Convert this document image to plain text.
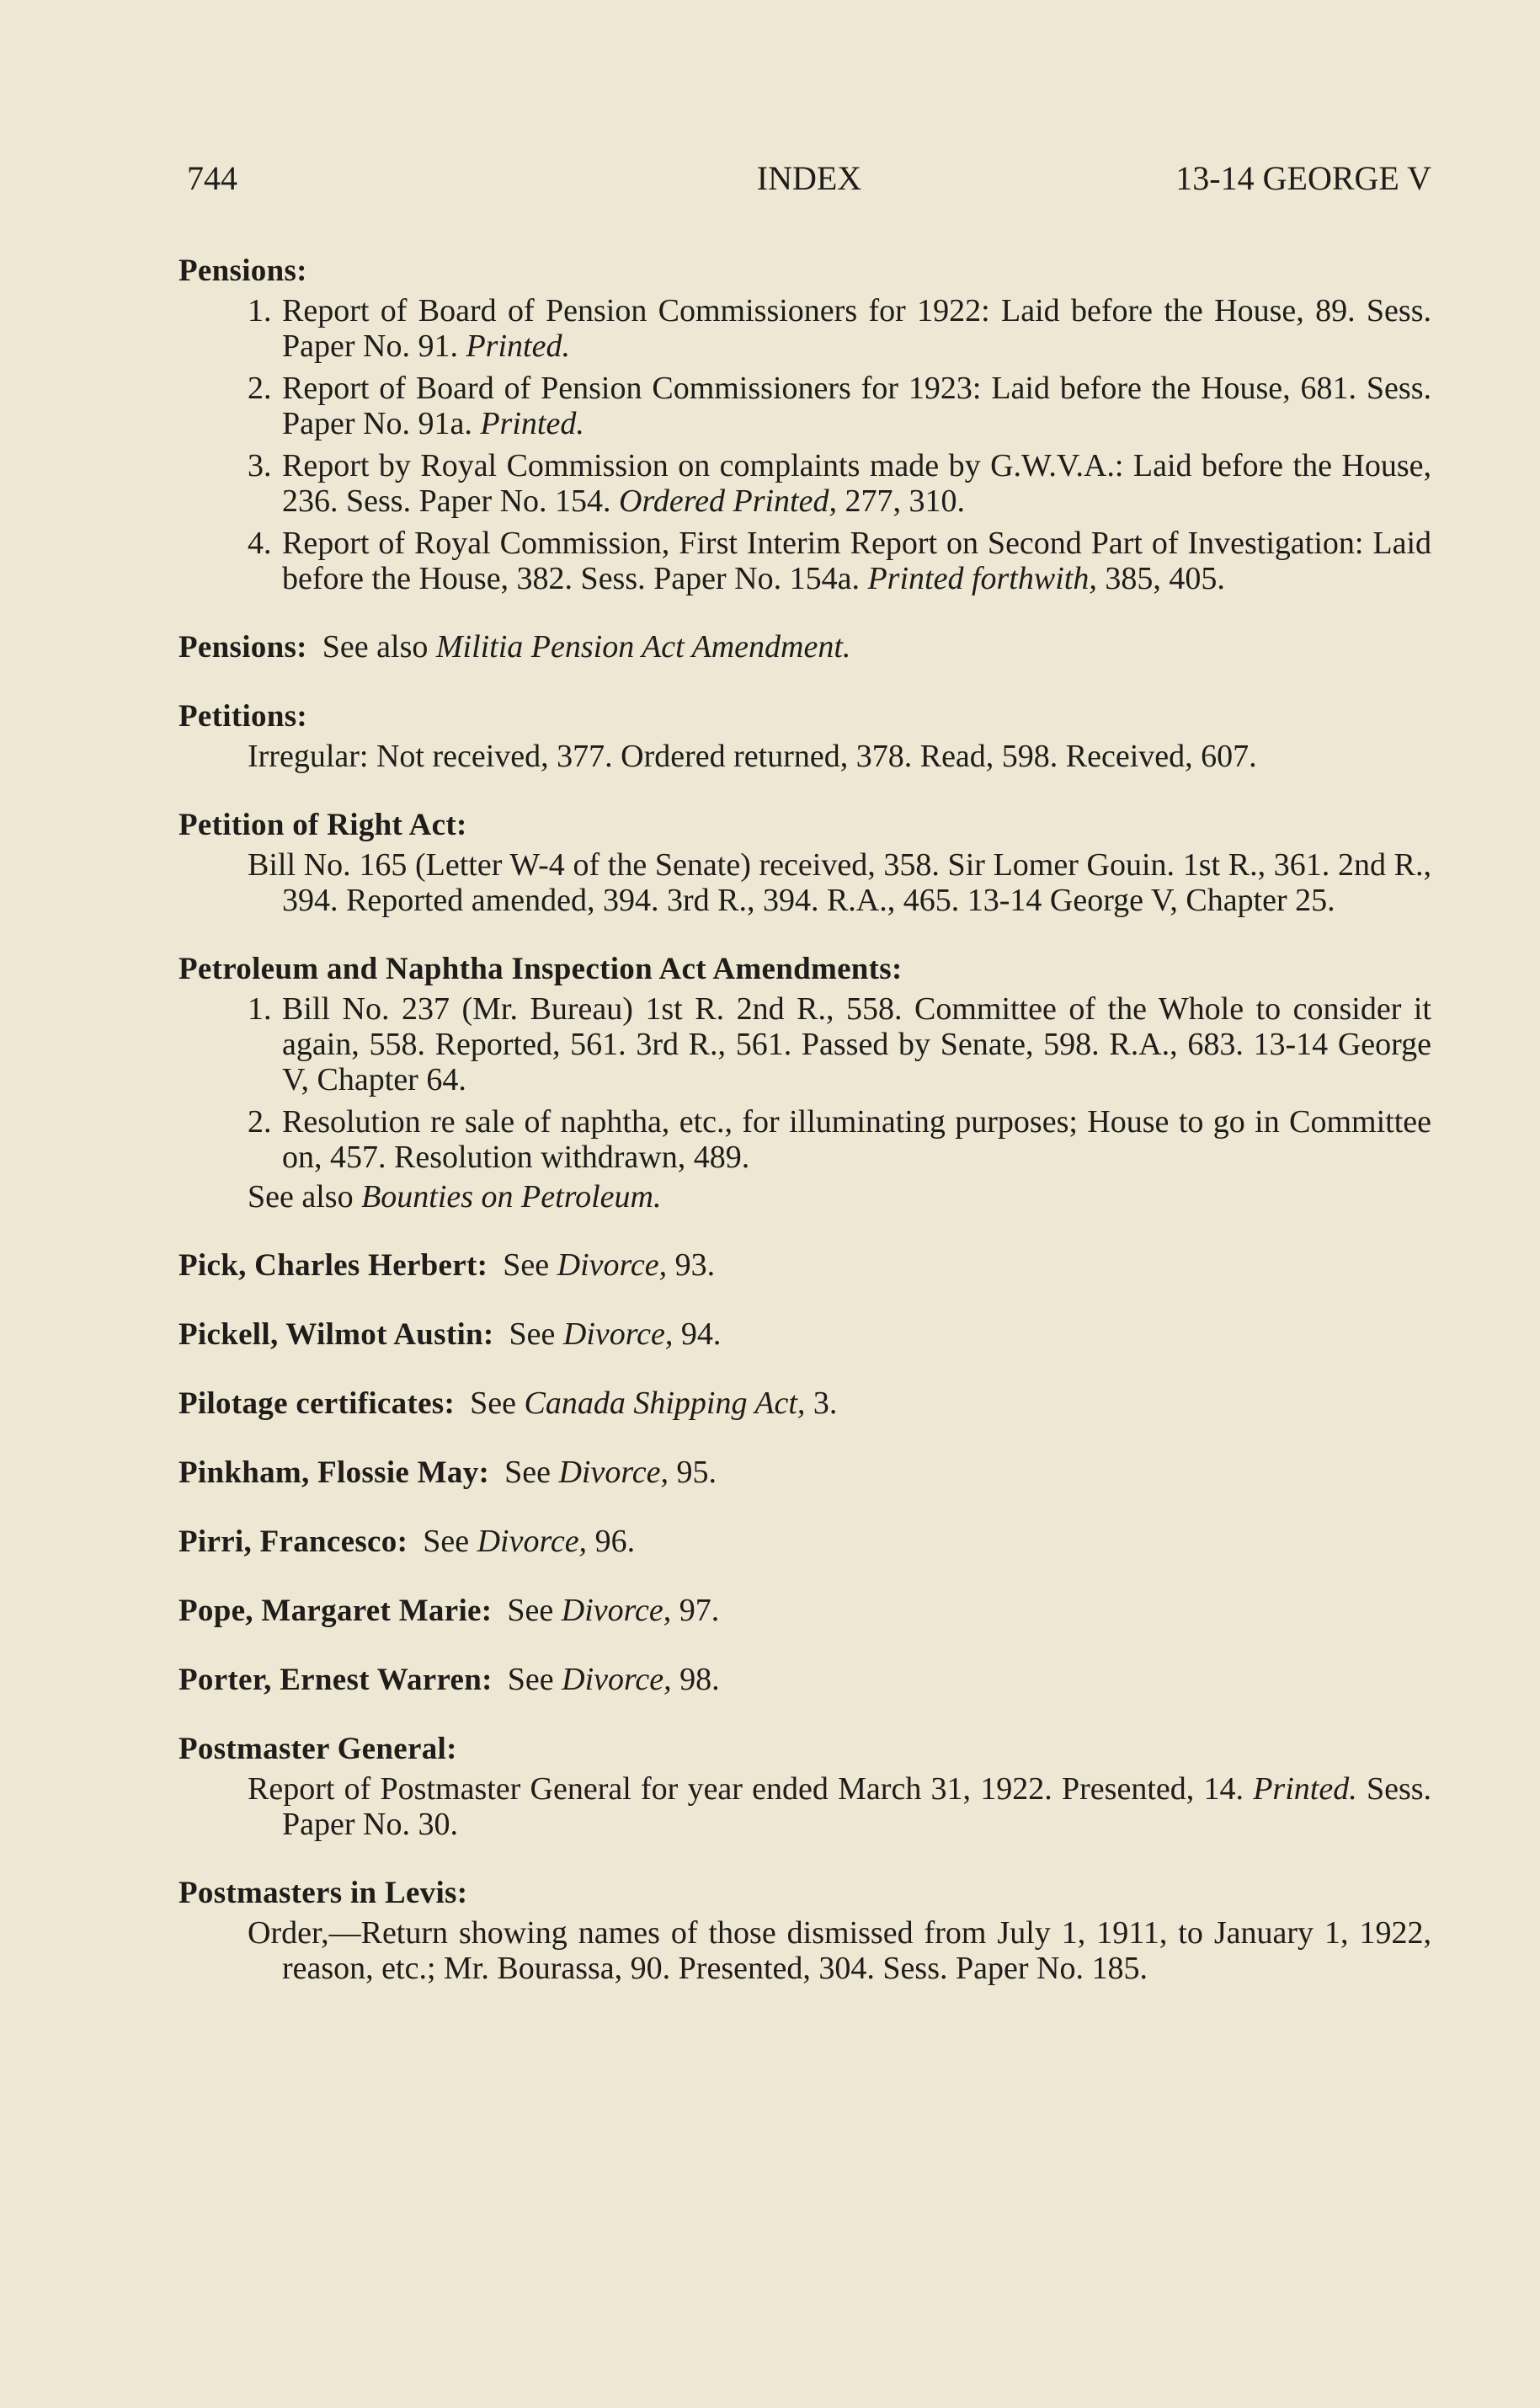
744	INDEX	13-14 GEORGE V
Pensions:
1. Report of Board of Pension Commissioners for 1922: Laid before the House, 89. Sess. Paper No. 91. Printed.
2. Report of Board of Pension Commissioners for 1923: Laid before the House, 681. Sess. Paper No. 91a. Printed.
3. Report by Royal Commission on complaints made by G.W.V.A.: Laid before the House, 236. Sess. Paper No. 154. Ordered Printed, 277, 310.
4. Report of Royal Commission, First Interim Report on Second Part of Investigation: Laid before the House, 382. Sess. Paper No. 154a. Printed forthwith, 385, 405.
Pensions: See also Militia Pension Act Amendment.
Petitions:
Irregular: Not received, 377. Ordered returned, 378. Read, 598. Received, 607.
Petition of Right Act:
Bill No. 165 (Letter W-4 of the Senate) received, 358. Sir Lomer Gouin. 1st R., 361. 2nd R., 394. Reported amended, 394. 3rd R., 394. R.A., 465. 13-14 George V, Chapter 25.
Petroleum and Naphtha Inspection Act Amendments:
1. Bill No. 237 (Mr. Bureau) 1st R. 2nd R., 558. Committee of the Whole to consider it again, 558. Reported, 561. 3rd R., 561. Passed by Senate, 598. R.A., 683. 13-14 George V, Chapter 64.
2. Resolution re sale of naphtha, etc., for illuminating purposes; House to go in Committee on, 457. Resolution withdrawn, 489.
See also Bounties on Petroleum.
Pick, Charles Herbert: See Divorce, 93.
Pickell, Wilmot Austin: See Divorce, 94.
Pilotage certificates: See Canada Shipping Act, 3.
Pinkham, Flossie May: See Divorce, 95.
Pirri, Francesco: See Divorce, 96.
Pope, Margaret Marie: See Divorce, 97.
Porter, Ernest Warren: See Divorce, 98.
Postmaster General:
Report of Postmaster General for year ended March 31, 1922. Presented, 14. Printed. Sess. Paper No. 30.
Postmasters in Levis:
Order,—Return showing names of those dismissed from July 1, 1911, to January 1, 1922, reason, etc.; Mr. Bourassa, 90. Presented, 304. Sess. Paper No. 185.
